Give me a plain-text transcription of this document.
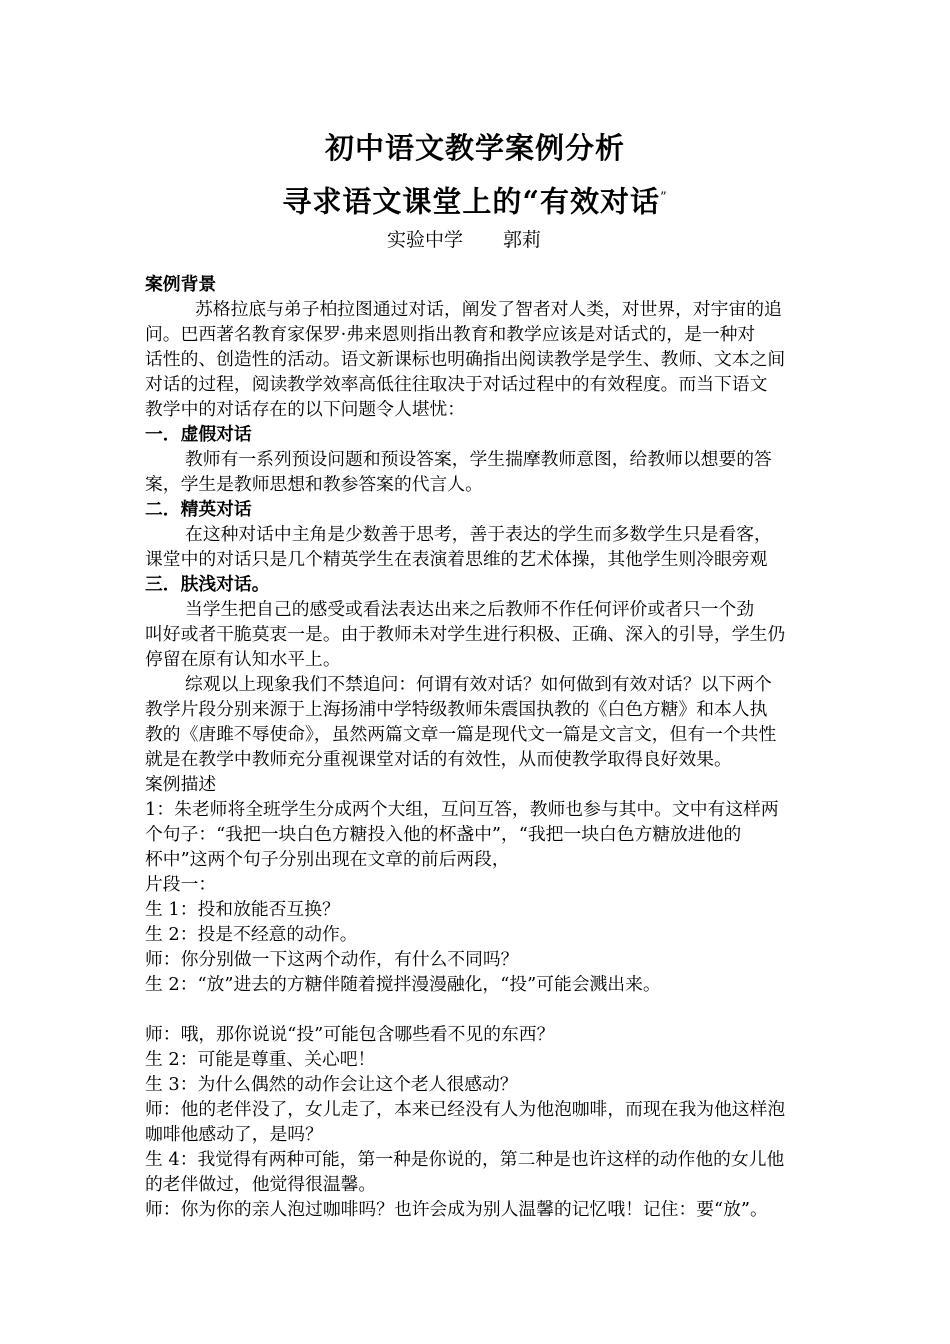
初中语文教学案例分析
寻求语文课堂上的“有效对话”
实验中学 郭莉
案例背景
苏格拉底与弟子柏拉图通过对话，阐发了智者对人类，对世界，对宇宙的追
问。巴西著名教育家保罗·弗来恩则指出教育和教学应该是对话式的，是一种对
话性的、创造性的活动。语文新课标也明确指出阅读教学是学生、教师、文本之间
对话的过程，阅读教学效率高低往往取决于对话过程中的有效程度。而当下语文
教学中的对话存在的以下问题令人堪忧：
一．虚假对话
教师有一系列预设问题和预设答案，学生揣摩教师意图，给教师以想要的答
案，学生是教师思想和教参答案的代言人。
二．精英对话
在这种对话中主角是少数善于思考，善于表达的学生而多数学生只是看客，
课堂中的对话只是几个精英学生在表演着思维的艺术体操，其他学生则冷眼旁观
三．肤浅对话。
当学生把自己的感受或看法表达出来之后教师不作任何评价或者只一个劲
叫好或者干脆莫衷一是。由于教师未对学生进行积极、正确、深入的引导，学生仍
停留在原有认知水平上。
综观以上现象我们不禁追问：何谓有效对话？如何做到有效对话？以下两个
教学片段分别来源于上海扬浦中学特级教师朱震国执教的《白色方糖》和本人执
教的《唐雎不辱使命》，虽然两篇文章一篇是现代文一篇是文言文，但有一个共性
就是在教学中教师充分重视课堂对话的有效性，从而使教学取得良好效果。
案例描述
1：朱老师将全班学生分成两个大组，互问互答，教师也参与其中。文中有这样两
个句子：“我把一块白色方糖投入他的杯盏中”，“我把一块白色方糖放进他的
杯中”这两个句子分别出现在文章的前后两段，
片段一：
生 1：投和放能否互换？
生 2：投是不经意的动作。
师：你分别做一下这两个动作，有什么不同吗？
生 2：“放”进去的方糖伴随着搅拌漫漫融化，“投”可能会溅出来。
师：哦，那你说说“投”可能包含哪些看不见的东西？
生 2：可能是尊重、关心吧！
生 3：为什么偶然的动作会让这个老人很感动？
师：他的老伴没了，女儿走了，本来已经没有人为他泡咖啡，而现在我为他这样泡
咖啡他感动了，是吗？
生 4：我觉得有两种可能，第一种是你说的，第二种是也许这样的动作他的女儿他
的老伴做过，他觉得很温馨。
师：你为你的亲人泡过咖啡吗？也许会成为别人温馨的记忆哦！记住：要“放”。
